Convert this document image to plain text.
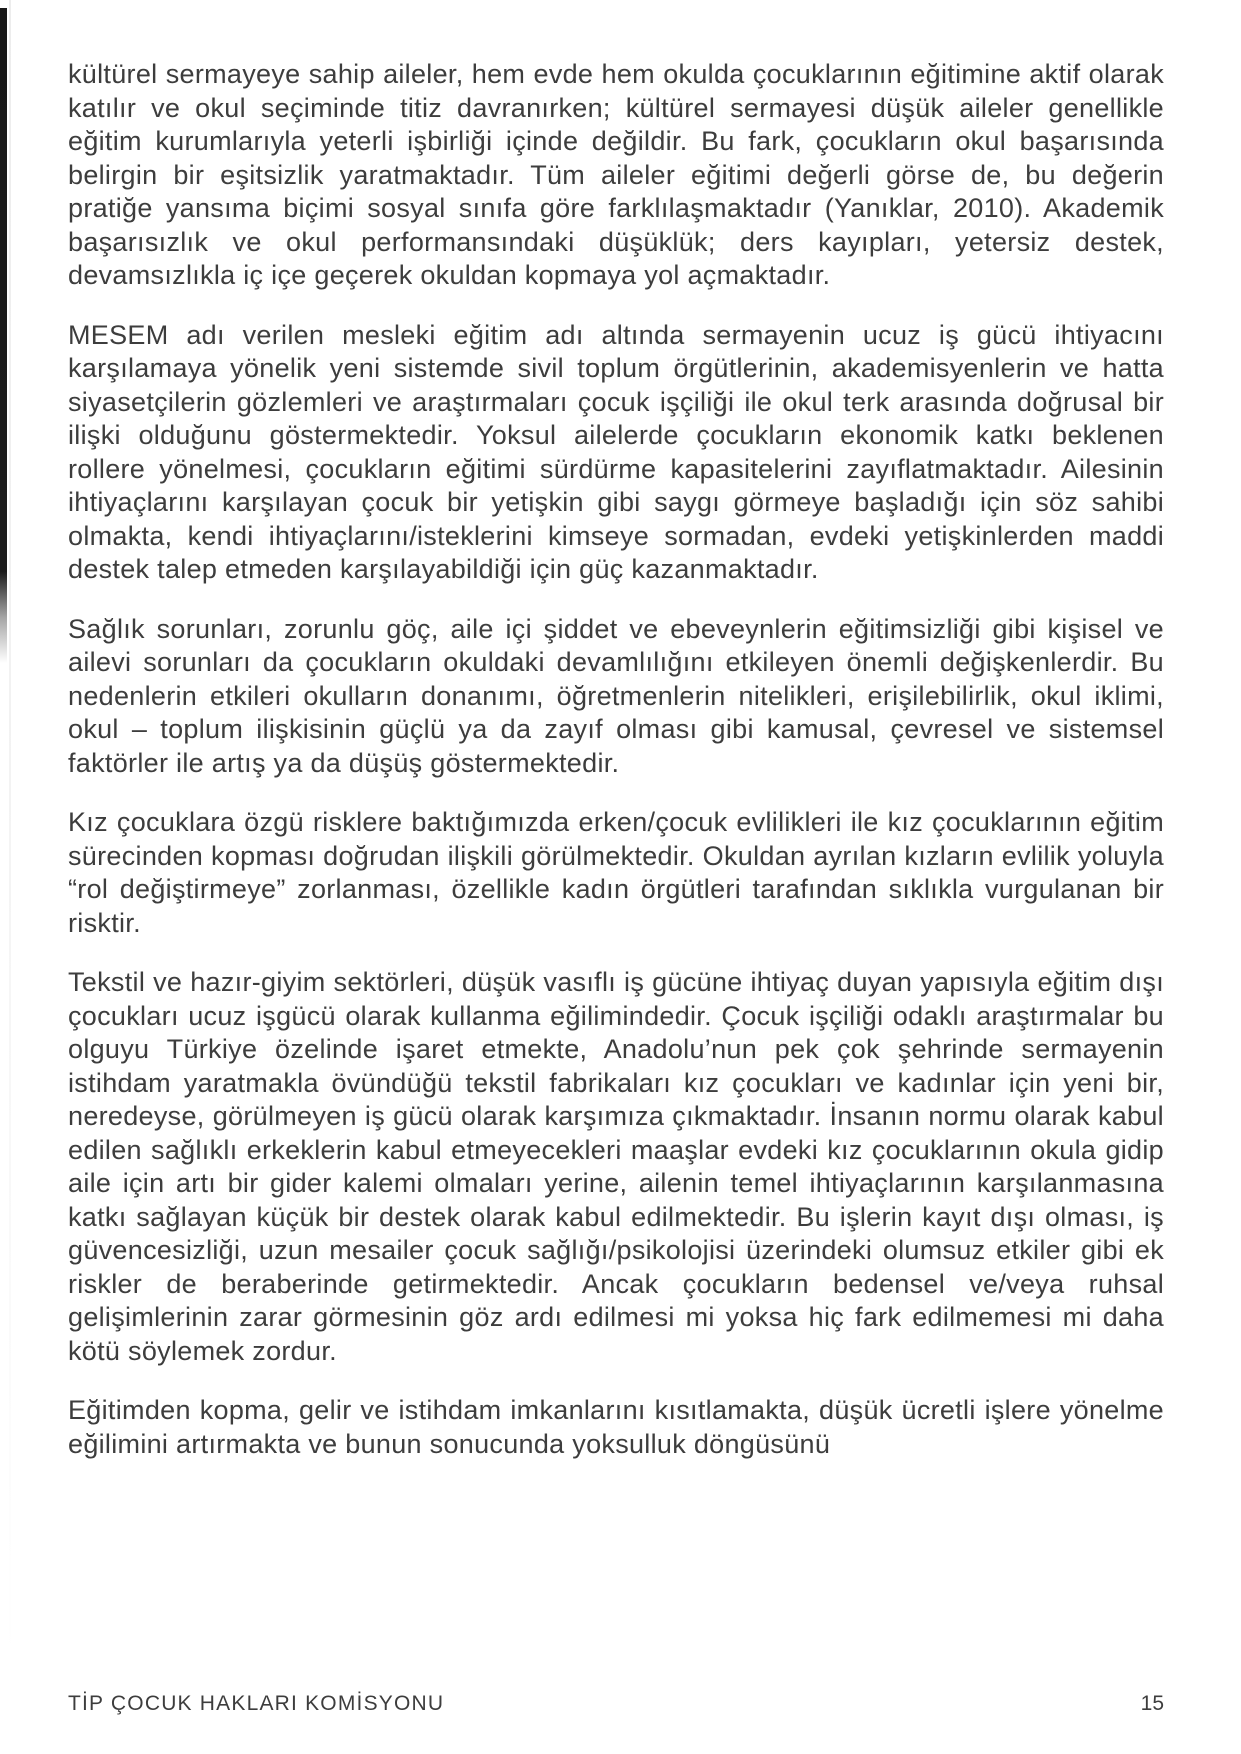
kültürel sermayeye sahip aileler, hem evde hem okulda çocuklarının eğitimine aktif olarak katılır ve okul seçiminde titiz davranırken; kültürel sermayesi düşük aileler genellikle eğitim kurumlarıyla yeterli işbirliği içinde değildir. Bu fark, çocukların okul başarısında belirgin bir eşitsizlik yaratmaktadır. Tüm aileler eğitimi değerli görse de, bu değerin pratiğe yansıma biçimi sosyal sınıfa göre farklılaşmaktadır (Yanıklar, 2010). Akademik başarısızlık ve okul performansındaki düşüklük; ders kayıpları, yetersiz destek, devamsızlıkla iç içe geçerek okuldan kopmaya yol açmaktadır.

MESEM adı verilen mesleki eğitim adı altında sermayenin ucuz iş gücü ihtiyacını karşılamaya yönelik yeni sistemde sivil toplum örgütlerinin, akademisyenlerin ve hatta siyasetçilerin gözlemleri ve araştırmaları çocuk işçiliği ile okul terk arasında doğrusal bir ilişki olduğunu göstermektedir. Yoksul ailelerde çocukların ekonomik katkı beklenen rollere yönelmesi, çocukların eğitimi sürdürme kapasitelerini zayıflatmaktadır. Ailesinin ihtiyaçlarını karşılayan çocuk bir yetişkin gibi saygı görmeye başladığı için söz sahibi olmakta, kendi ihtiyaçlarını/isteklerini kimseye sormadan, evdeki yetişkinlerden maddi destek talep etmeden karşılayabildiği için güç kazanmaktadır.

Sağlık sorunları, zorunlu göç, aile içi şiddet ve ebeveynlerin eğitimsizliği gibi kişisel ve ailevi sorunları da çocukların okuldaki devamlılığını etkileyen önemli değişkenlerdir. Bu nedenlerin etkileri okulların donanımı, öğretmenlerin nitelikleri, erişilebilirlik, okul iklimi, okul – toplum ilişkisinin güçlü ya da zayıf olması gibi kamusal, çevresel ve sistemsel faktörler ile artış ya da düşüş göstermektedir.

Kız çocuklara özgü risklere baktığımızda erken/çocuk evlilikleri ile kız çocuklarının eğitim sürecinden kopması doğrudan ilişkili görülmektedir. Okuldan ayrılan kızların evlilik yoluyla “rol değiştirmeye” zorlanması, özellikle kadın örgütleri tarafından sıklıkla vurgulanan bir risktir.

Tekstil ve hazır-giyim sektörleri, düşük vasıflı iş gücüne ihtiyaç duyan yapısıyla eğitim dışı çocukları ucuz işgücü olarak kullanma eğilimindedir. Çocuk işçiliği odaklı araştırmalar bu olguyu Türkiye özelinde işaret etmekte, Anadolu’nun pek çok şehrinde sermayenin istihdam yaratmakla övündüğü tekstil fabrikaları kız çocukları ve kadınlar için yeni bir, neredeyse, görülmeyen iş gücü olarak karşımıza çıkmaktadır. İnsanın normu olarak kabul edilen sağlıklı erkeklerin kabul etmeyecekleri maaşlar evdeki kız çocuklarının okula gidip aile için artı bir gider kalemi olmaları yerine, ailenin temel ihtiyaçlarının karşılanmasına katkı sağlayan küçük bir destek olarak kabul edilmektedir. Bu işlerin kayıt dışı olması, iş güvencesizliği, uzun mesailer çocuk sağlığı/psikolojisi üzerindeki olumsuz etkiler gibi ek riskler de beraberinde getirmektedir. Ancak çocukların bedensel ve/veya ruhsal gelişimlerinin zarar görmesinin göz ardı edilmesi mi yoksa hiç fark edilmemesi mi daha kötü söylemek zordur.

Eğitimden kopma, gelir ve istihdam imkanlarını kısıtlamakta, düşük ücretli işlere yönelme eğilimini artırmakta ve bunun sonucunda yoksulluk döngüsünü

TİP ÇOCUK HAKLARI KOMİSYONU	15
